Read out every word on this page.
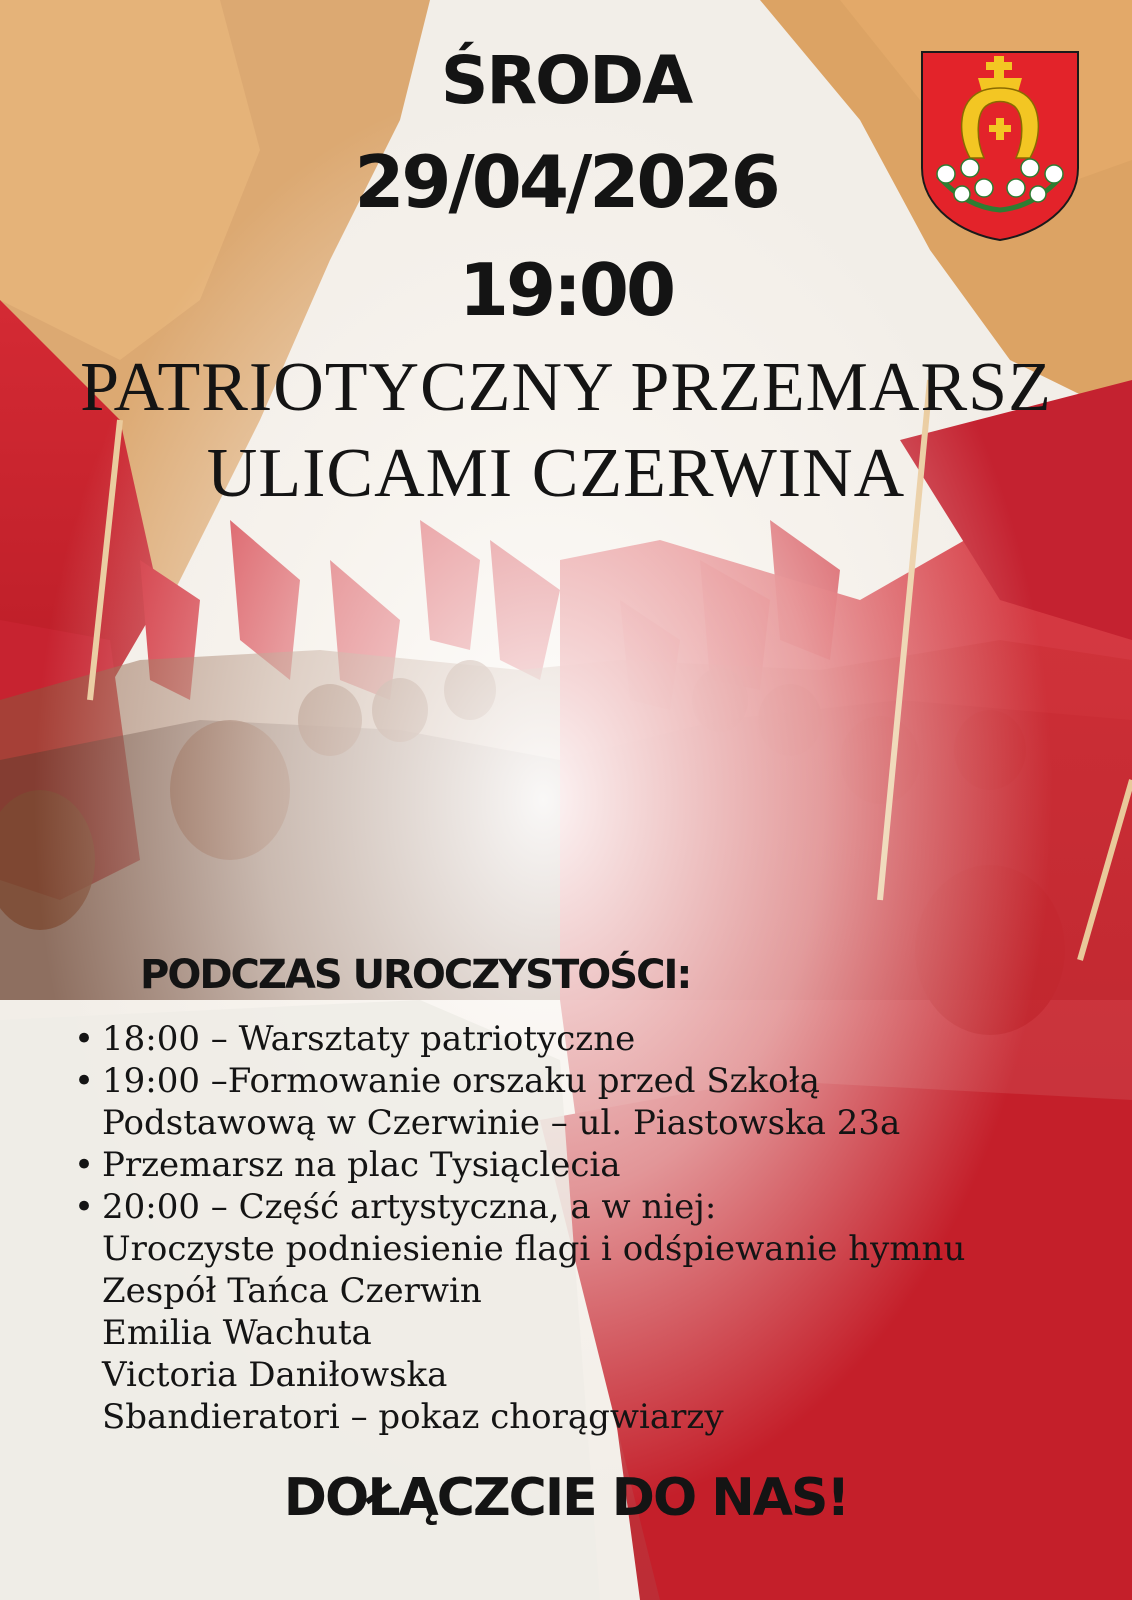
ŚRODA
29/04/2026
19:00
PATRIOTYCZNY PRZEMARSZ
ULICAMI CZERWINA
PODCZAS UROCZYSTOŚCI:
• 18:00 – Warsztaty patriotyczne
• 19:00 –Formowanie orszaku przed Szkołą
Podstawową w Czerwinie – ul. Piastowska 23a
• Przemarsz na plac Tysiąclecia
• 20:00 – Część artystyczna, a w niej:
Uroczyste podniesienie flagi i odśpiewanie hymnu
Zespół Tańca Czerwin
Emilia Wachuta
Victoria Daniłowska
Sbandieratori – pokaz chorągwiarzy
DOŁĄCZCIE DO NAS!
